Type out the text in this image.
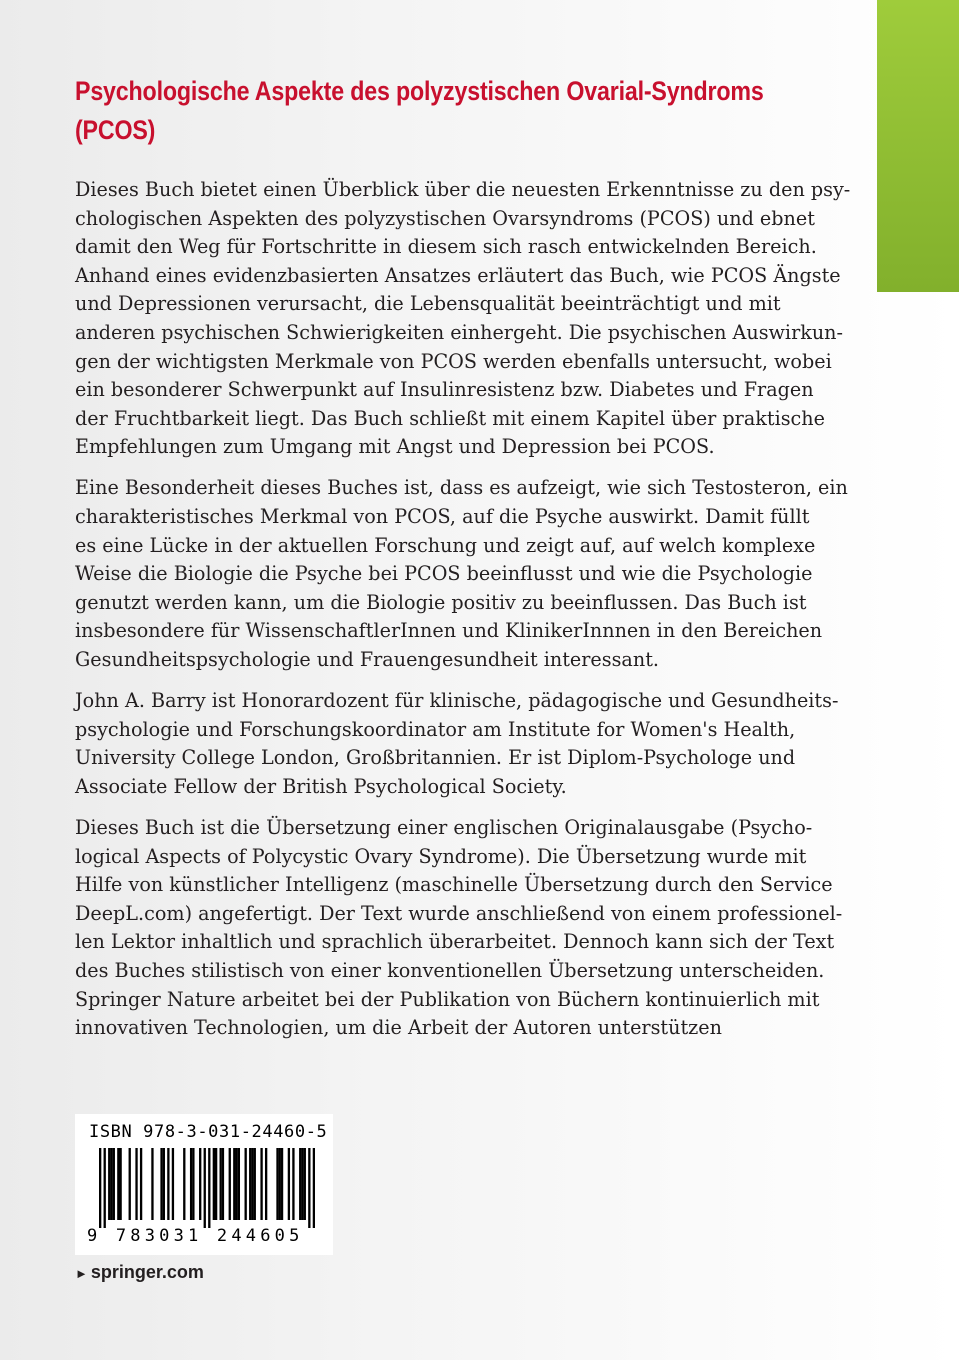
Psychologische Aspekte des polyzystischen Ovarial-Syndroms
(PCOS)

Dieses Buch bietet einen Überblick über die neuesten Erkenntnisse zu den psy-
chologischen Aspekten des polyzystischen Ovarsyndroms (PCOS) und ebnet
damit den Weg für Fortschritte in diesem sich rasch entwickelnden Bereich.
Anhand eines evidenzbasierten Ansatzes erläutert das Buch, wie PCOS Ängste
und Depressionen verursacht, die Lebensqualität beeinträchtigt und mit
anderen psychischen Schwierigkeiten einhergeht. Die psychischen Auswirkun-
gen der wichtigsten Merkmale von PCOS werden ebenfalls untersucht, wobei
ein besonderer Schwerpunkt auf Insulinresistenz bzw. Diabetes und Fragen
der Fruchtbarkeit liegt. Das Buch schließt mit einem Kapitel über praktische
Empfehlungen zum Umgang mit Angst und Depression bei PCOS.

Eine Besonderheit dieses Buches ist, dass es aufzeigt, wie sich Testosteron, ein
charakteristisches Merkmal von PCOS, auf die Psyche auswirkt. Damit füllt
es eine Lücke in der aktuellen Forschung und zeigt auf, auf welch komplexe
Weise die Biologie die Psyche bei PCOS beeinflusst und wie die Psychologie
genutzt werden kann, um die Biologie positiv zu beeinflussen. Das Buch ist
insbesondere für WissenschaftlerInnen und KlinikerInnnen in den Bereichen
Gesundheitspsychologie und Frauengesundheit interessant.

John A. Barry ist Honorardozent für klinische, pädagogische und Gesundheits-
psychologie und Forschungskoordinator am Institute for Women's Health,
University College London, Großbritannien. Er ist Diplom-Psychologe und
Associate Fellow der British Psychological Society.

Dieses Buch ist die Übersetzung einer englischen Originalausgabe (Psycho-
logical Aspects of Polycystic Ovary Syndrome). Die Übersetzung wurde mit
Hilfe von künstlicher Intelligenz (maschinelle Übersetzung durch den Service
DeepL.com) angefertigt. Der Text wurde anschließend von einem professionel-
len Lektor inhaltlich und sprachlich überarbeitet. Dennoch kann sich der Text
des Buches stilistisch von einer konventionellen Übersetzung unterscheiden.
Springer Nature arbeitet bei der Publikation von Büchern kontinuierlich mit
innovativen Technologien, um die Arbeit der Autoren unterstützen

ISBN 978-3-031-24460-5
9 783031 244605
► springer.com
